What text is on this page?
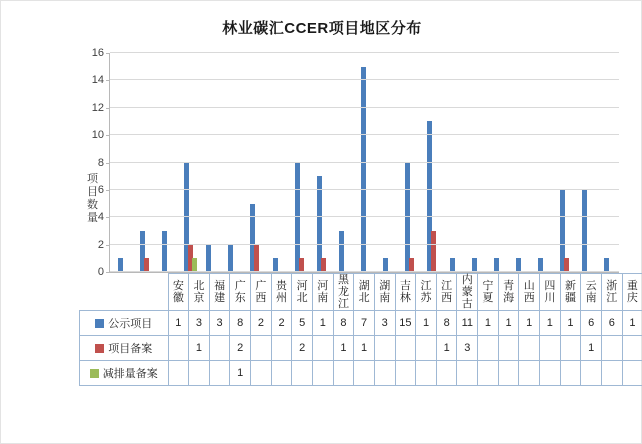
林业碳汇CCER项目地区分布
项目数量
0
2
4
6
8
10
12
14
16
	安徽	北京	福建	广东	广西	贵州	河北	河南	黑龙江	湖北	湖南	吉林	江苏	江西	内蒙古	宁夏	青海	山西	四川	新疆	云南	浙江	重庆
公示项目	1	3	3	8	2	2	5	1	8	7	3	15	1	8	11	1	1	1	1	1	6	6	1
项目备案		1		2			2		1	1				1	3						1		
减排量备案				1																			
